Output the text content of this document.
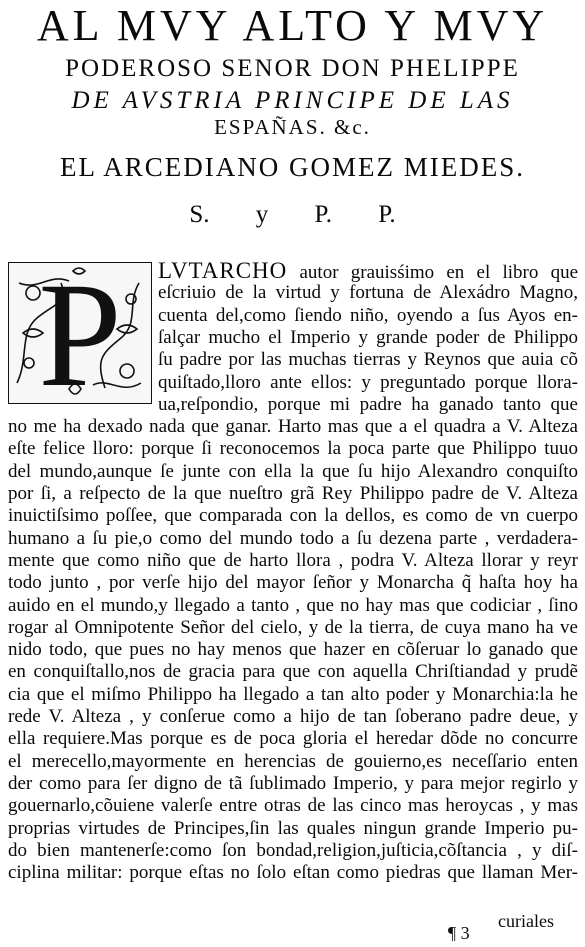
AL MVY ALTO Y MVY
PODEROSO SENOR DON PHELIPPE
DE AVSTRIA PRINCIPE DE LAS
ESPAÑAS. &c.
EL ARCEDIANO GOMEZ MIEDES.
S. y P. P.
P LVTARCHO autor grauisśimo en el libro que
eſcriuio de la virtud y fortuna de Alexádro Magno,
cuenta del,como ſiendo niño, oyendo a ſus Ayos en-
ſalçar mucho el Imperio y grande poder de Philippo
ſu padre por las muchas tierras y Reynos que auia cõ
quiſtado,lloro ante ellos: y preguntado porque llora-
ua,reſpondio, porque mi padre ha ganado tanto que
no me ha dexado nada que ganar. Harto mas que a el quadra a V. Alteza
eſte felice lloro: porque ſi reconocemos la poca parte que Philippo tuuo
del mundo,aunque ſe junte con ella la que ſu hijo Alexandro conquiſto
por ſi, a reſpecto de la que nueſtro grã Rey Philippo padre de V. Alteza
inuictiſsimo poſſee, que comparada con la dellos, es como de vn cuerpo
humano a ſu pie,o como del mundo todo a ſu dezena parte , verdadera-
mente que como niño que de harto llora , podra V. Alteza llorar y reyr
todo junto , por verſe hijo del mayor ſeñor y Monarcha q̃ haſta hoy ha
auido en el mundo,y llegado a tanto , que no hay mas que codiciar , ſino
rogar al Omnipotente Señor del cielo, y de la tierra, de cuya mano ha ve
nido todo, que pues no hay menos que hazer en cõſeruar lo ganado que
en conquiſtallo,nos de gracia para que con aquella Chriſtiandad y prudẽ
cia que el miſmo Philippo ha llegado a tan alto poder y Monarchia:la he
rede V. Alteza , y conſerue como a hijo de tan ſoberano padre deue, y
ella requiere.Mas porque es de poca gloria el heredar dõde no concurre
el merecello,mayormente en herencias de gouierno,es neceſſario enten
der como para ſer digno de tã ſublimado Imperio, y para mejor regirlo y
gouernarlo,cõuiene valerſe entre otras de las cinco mas heroycas , y mas
proprias virtudes de Principes,ſin las quales ningun grande Imperio pu-
do bien mantenerſe:como ſon bondad,religion,juſticia,cõſtancia , y diſ-
ciplina militar: porque eſtas no ſolo eſtan como piedras que llaman Mer-
curiales
¶ 3
